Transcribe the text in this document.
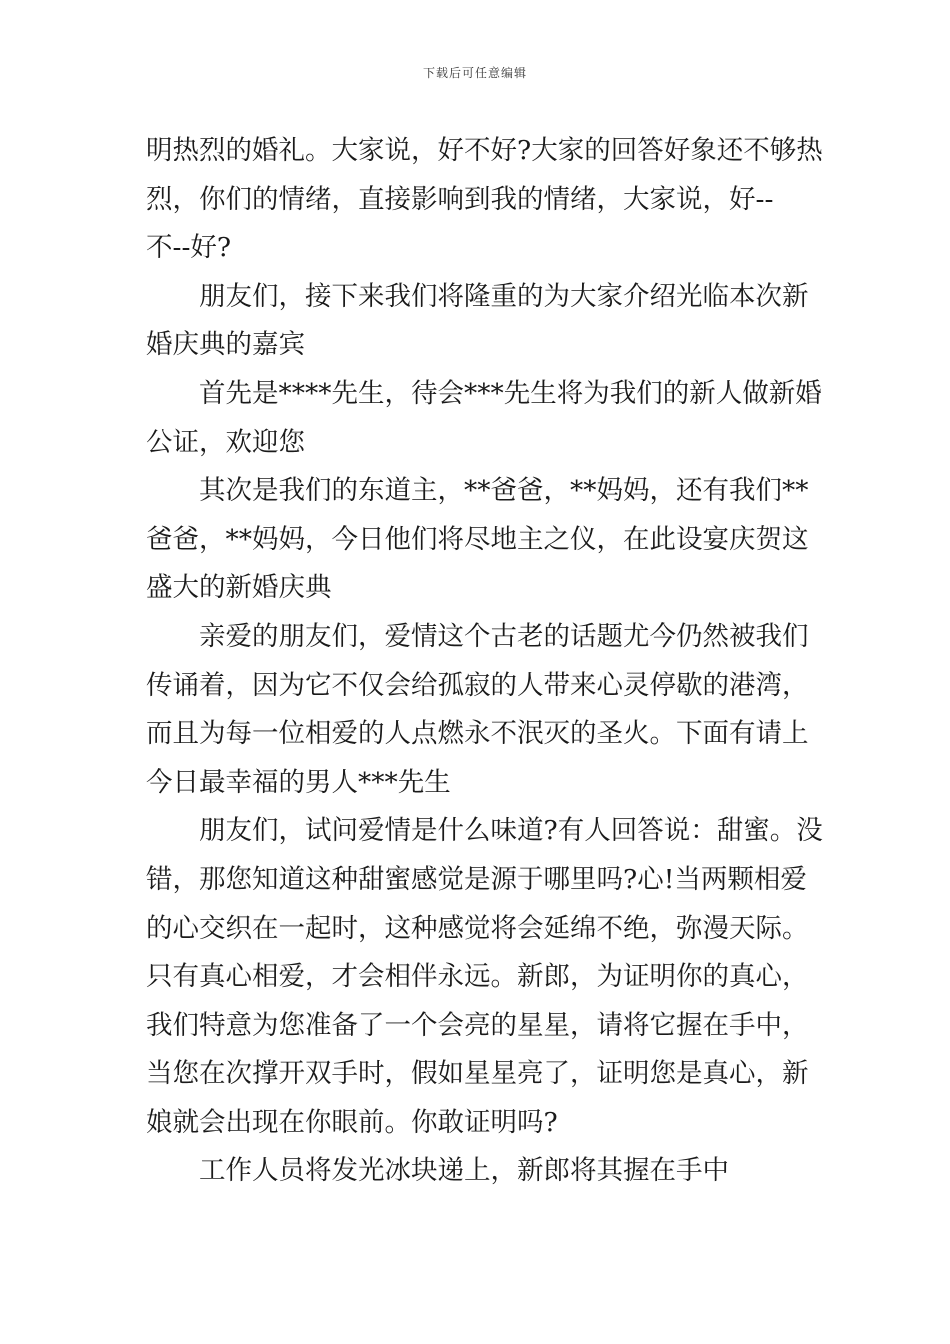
下载后可任意编辑
明热烈的婚礼。大家说，好不好?大家的回答好象还不够热
烈，你们的情绪，直接影响到我的情绪，大家说，好--
不--好?
朋友们，接下来我们将隆重的为大家介绍光临本次新
婚庆典的嘉宾
首先是****先生，待会***先生将为我们的新人做新婚
公证，欢迎您
其次是我们的东道主，**爸爸，**妈妈，还有我们**
爸爸，**妈妈，今日他们将尽地主之仪，在此设宴庆贺这
盛大的新婚庆典
亲爱的朋友们，爱情这个古老的话题尤今仍然被我们
传诵着，因为它不仅会给孤寂的人带来心灵停歇的港湾，
而且为每一位相爱的人点燃永不泯灭的圣火。下面有请上
今日最幸福的男人***先生
朋友们，试问爱情是什么味道?有人回答说：甜蜜。没
错，那您知道这种甜蜜感觉是源于哪里吗?心!当两颗相爱
的心交织在一起时，这种感觉将会延绵不绝，弥漫天际。
只有真心相爱，才会相伴永远。新郎，为证明你的真心，
我们特意为您准备了一个会亮的星星，请将它握在手中，
当您在次撑开双手时，假如星星亮了，证明您是真心，新
娘就会出现在你眼前。你敢证明吗?
工作人员将发光冰块递上，新郎将其握在手中
